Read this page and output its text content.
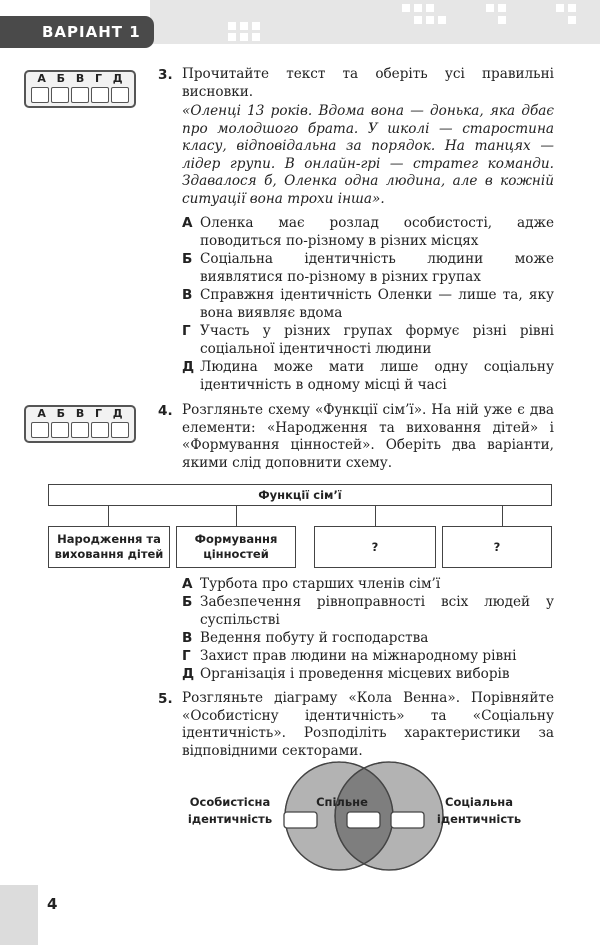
ВАРІАНТ 1
А Б В Г Д	3. Прочитайте текст та оберіть усі правильні висновки.
«Оленці 13 років. Вдома вона — донька, яка дбає про молодшого брата. У школі — старостина класу, відповідальна за порядок. На танцях — лідер групи. В онлайн-грі — стратег команди. Здавалося б, Оленка одна людина, але в кожній ситуації вона трохи інша».
А Оленка має розлад особистості, адже поводиться по-різному в різних місцях
Б Соціальна ідентичність людини може виявлятися по-різному в різних групах
В Справжня ідентичність Оленки — лише та, яку вона виявляє вдома
Г Участь у різних групах формує різні рівні соціальної ідентичності людини
Д Людина може мати лише одну соціальну ідентичність в одному місці й часі
А Б В Г Д	4. Розгляньте схему «Функції сім’ї». На ній уже є два елементи: «Народження та виховання дітей» і «Формування цінностей». Оберіть два варіанти, якими слід доповнити схему.
Функції сім’ї
Народження та виховання дітей
Формування цінностей
?	?
А Турбота про старших членів сім’ї
Б Забезпечення рівноправності всіх людей у суспільстві
В Ведення побуту й господарства
Г Захист прав людини на міжнародному рівні
Д Організація і проведення місцевих виборів
5. Розгляньте діаграму «Кола Венна». Порівняйте «Особистісну ідентичність» та «Соціальну ідентичність». Розподіліть характеристики за відповідними секторами.
Спільне
Особистісна ідентичність
Соціальна ідентичність
4
